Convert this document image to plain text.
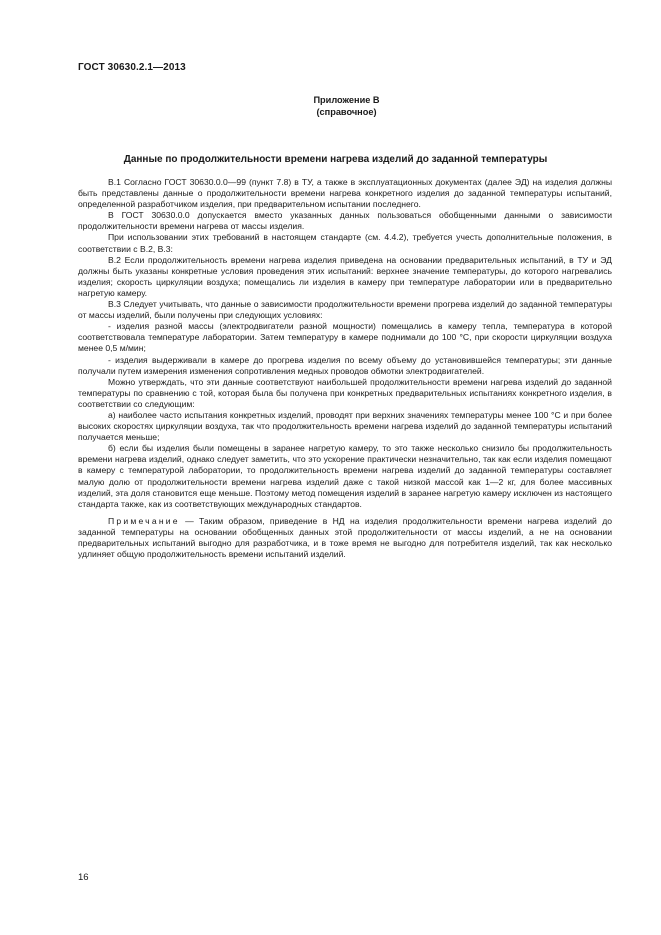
ГОСТ 30630.2.1—2013
Приложение В
(справочное)
Данные по продолжительности времени нагрева изделий до заданной температуры

В.1 Согласно ГОСТ 30630.0.0—99 (пункт 7.8) в ТУ, а также в эксплуатационных документах (далее ЭД) на изделия должны быть представлены данные о продолжительности времени нагрева конкретного изделия до заданной температуры испытаний, определенной разработчиком изделия, при предварительном испытании последнего.

В ГОСТ 30630.0.0 допускается вместо указанных данных пользоваться обобщенными данными о зависимости продолжительности времени нагрева от массы изделия.

При использовании этих требований в настоящем стандарте (см. 4.4.2), требуется учесть дополнительные положения, в соответствии с В.2, В.3:

В.2 Если продолжительность времени нагрева изделия приведена на основании предварительных испытаний, в ТУ и ЭД должны быть указаны конкретные условия проведения этих испытаний: верхнее значение температуры, до которого нагревались изделия; скорость циркуляции воздуха; помещались ли изделия в камеру при температуре лаборатории или в предварительно нагретую камеру.

В.3 Следует учитывать, что данные о зависимости продолжительности времени прогрева изделий до заданной температуры от массы изделий, были получены при следующих условиях:

- изделия разной массы (электродвигатели разной мощности) помещались в камеру тепла, температура в которой соответствовала температуре лаборатории. Затем температуру в камере поднимали до 100 °С, при скорости циркуляции воздуха менее 0,5 м/мин;

- изделия выдерживали в камере до прогрева изделия по всему объему до установившейся температуры; эти данные получали путем измерения изменения сопротивления медных проводов обмотки электродвигателей.

Можно утверждать, что эти данные соответствуют наибольшей продолжительности времени нагрева изделий до заданной температуры по сравнению с той, которая была бы получена при конкретных предварительных испытаниях конкретного изделия, в соответствии со следующим:

а) наиболее часто испытания конкретных изделий, проводят при верхних значениях температуры менее 100 °С и при более высоких скоростях циркуляции воздуха, так что продолжительность времени нагрева изделий до заданной температуры испытаний получается меньше;

б) если бы изделия были помещены в заранее нагретую камеру, то это также несколько снизило бы продолжительность времени нагрева изделий, однако следует заметить, что это ускорение практически незначительно, так как если изделия помещают в камеру с температурой лаборатории, то продолжительность времени нагрева изделий до заданной температуры составляет малую долю от продолжительности времени нагрева изделий даже с такой низкой массой как 1—2 кг, для более массивных изделий, эта доля становится еще меньше. Поэтому метод помещения изделий в заранее нагретую камеру исключен из настоящего стандарта также, как из соответствующих международных стандартов.

Примечание — Таким образом, приведение в НД на изделия продолжительности времени нагрева изделий до заданной температуры на основании обобщенных данных этой продолжительности от массы изделий, а не на основании предварительных испытаний выгодно для разработчика, и в тоже время не выгодно для потребителя изделий, так как несколько удлиняет общую продолжительность времени испытаний изделий.

16
